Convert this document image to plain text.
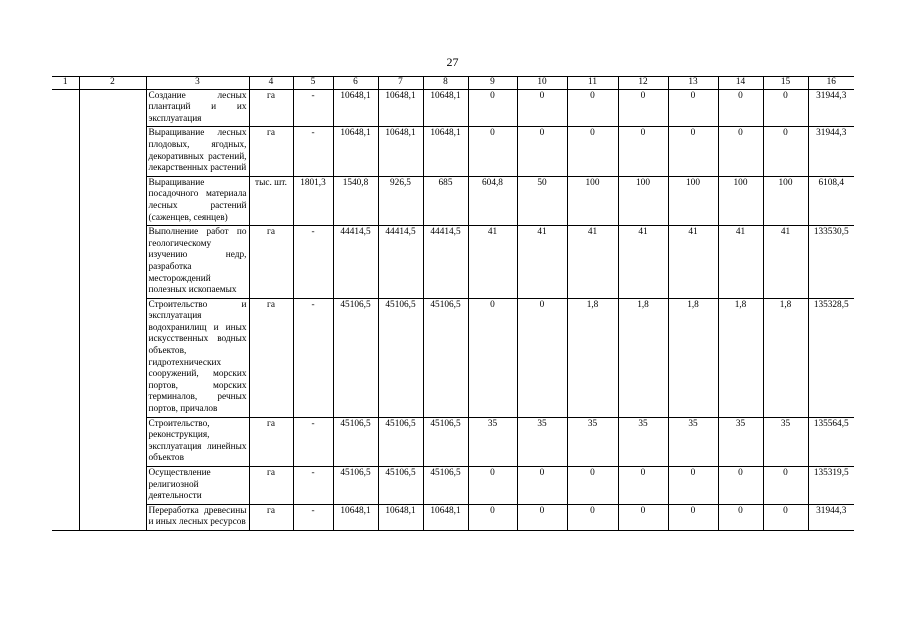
27
1	2	3	4	5	6	7	8	9	10	11	12	13	14	15	16
		Создание лесных плантаций и их эксплуатация	га	-	10648,1	10648,1	10648,1	0	0	0	0	0	0	0	31944,3
		Выращивание лесных плодовых, ягодных, декоративных растений, лекарственных растений	га	-	10648,1	10648,1	10648,1	0	0	0	0	0	0	0	31944,3
		Выращивание посадочного материала лесных растений (саженцев, сеянцев)	тыс. шт.	1801,3	1540,8	926,5	685	604,8	50	100	100	100	100	100	6108,4
		Выполнение работ по геологическому изучению недр, разработка месторождений полезных ископаемых	га	-	44414,5	44414,5	44414,5	41	41	41	41	41	41	41	133530,5
		Строительство и эксплуатация водохранилищ и иных искусственных водных объектов, гидротехнических сооружений, морских портов, морских терминалов, речных портов, причалов	га	-	45106,5	45106,5	45106,5	0	0	1,8	1,8	1,8	1,8	1,8	135328,5
		Строительство, реконструкция, эксплуатация линейных объектов	га	-	45106,5	45106,5	45106,5	35	35	35	35	35	35	35	135564,5
		Осуществление религиозной деятельности	га	-	45106,5	45106,5	45106,5	0	0	0	0	0	0	0	135319,5
		Переработка древесины и иных лесных ресурсов	га	-	10648,1	10648,1	10648,1	0	0	0	0	0	0	0	31944,3
